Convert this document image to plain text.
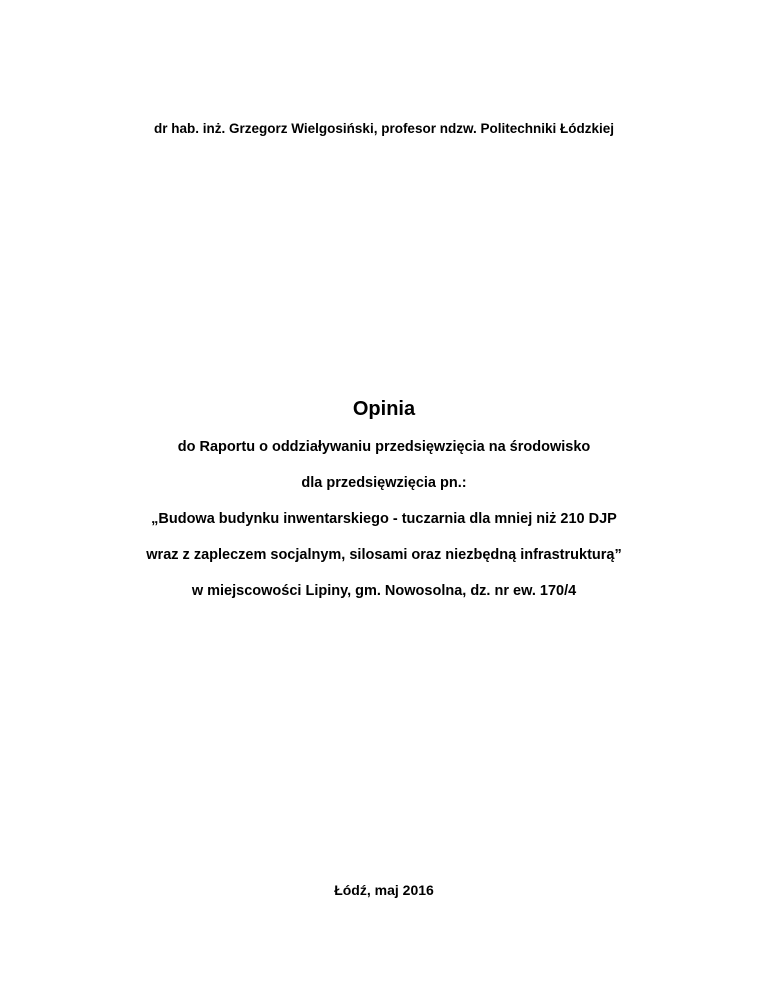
dr hab. inż. Grzegorz Wielgosiński, profesor ndzw. Politechniki Łódzkiej
Opinia
do Raportu o oddziaływaniu przedsięwzięcia na środowisko
dla przedsięwzięcia pn.:
„Budowa budynku inwentarskiego - tuczarnia dla mniej niż 210 DJP
wraz z zapleczem socjalnym, silosami oraz niezbędną infrastrukturą”
w miejscowości Lipiny, gm. Nowosolna, dz. nr ew. 170/4
Łódź, maj 2016
